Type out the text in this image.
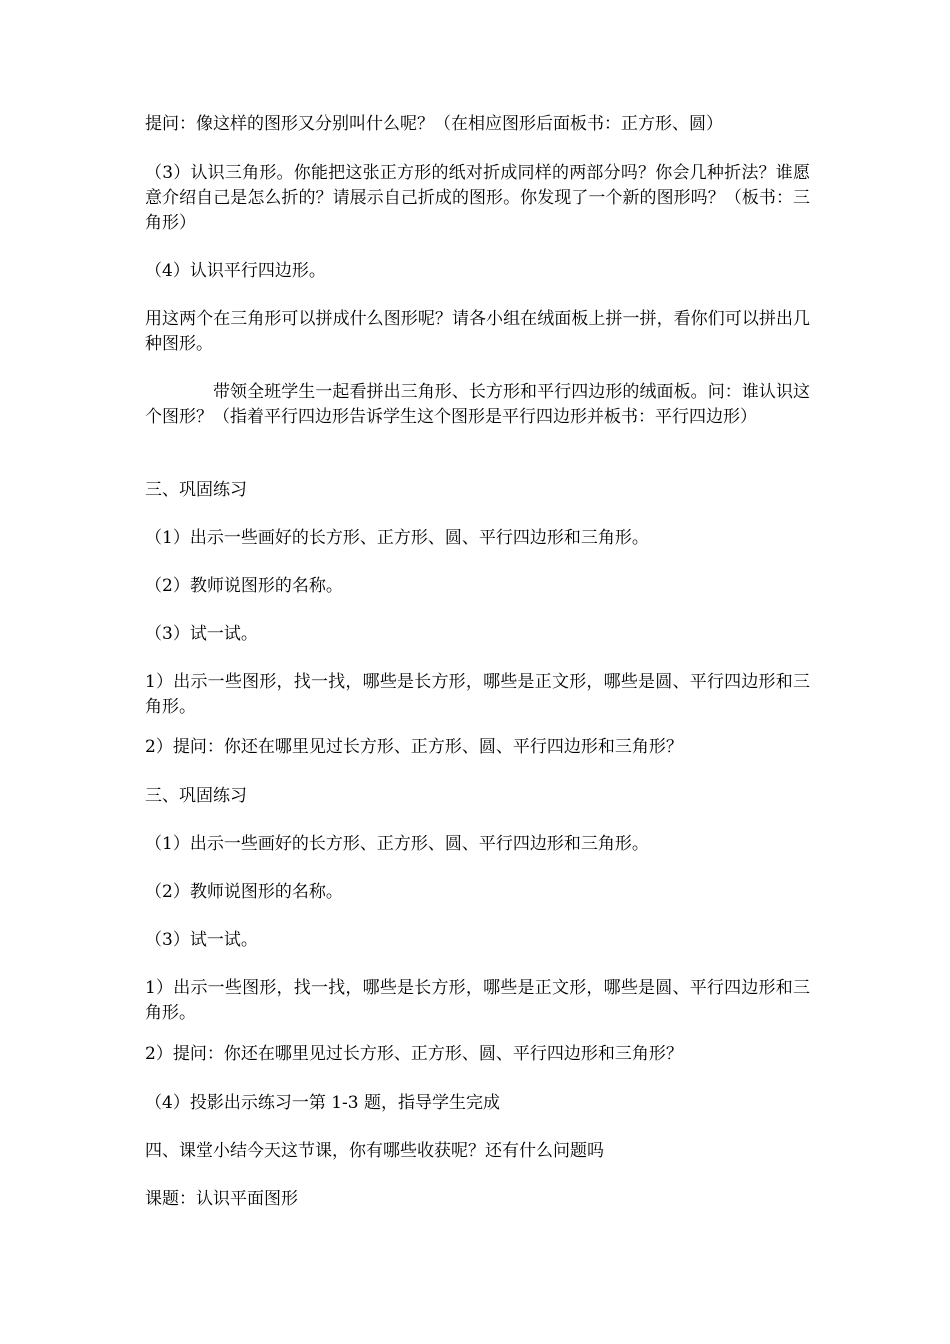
提问：像这样的图形又分别叫什么呢？（在相应图形后面板书：正方形、圆）

（3）认识三角形。你能把这张正方形的纸对折成同样的两部分吗？你会几种折法？谁愿意介绍自己是怎么折的？请展示自己折成的图形。你发现了一个新的图形吗？（板书：三角形）

（4）认识平行四边形。

用这两个在三角形可以拼成什么图形呢？请各小组在绒面板上拼一拼，看你们可以拼出几种图形。

带领全班学生一起看拼出三角形、长方形和平行四边形的绒面板。问：谁认识这个图形？（指着平行四边形告诉学生这个图形是平行四边形并板书：平行四边形）

三、巩固练习

（1）出示一些画好的长方形、正方形、圆、平行四边形和三角形。

（2）教师说图形的名称。

（3）试一试。

1）出示一些图形，找一找，哪些是长方形，哪些是正文形，哪些是圆、平行四边形和三角形。

2）提问：你还在哪里见过长方形、正方形、圆、平行四边形和三角形？

三、巩固练习

（1）出示一些画好的长方形、正方形、圆、平行四边形和三角形。

（2）教师说图形的名称。

（3）试一试。

1）出示一些图形，找一找，哪些是长方形，哪些是正文形，哪些是圆、平行四边形和三角形。

2）提问：你还在哪里见过长方形、正方形、圆、平行四边形和三角形？

（4）投影出示练习一第 1-3 题，指导学生完成

四、课堂小结今天这节课，你有哪些收获呢？还有什么问题吗

课题：认识平面图形
